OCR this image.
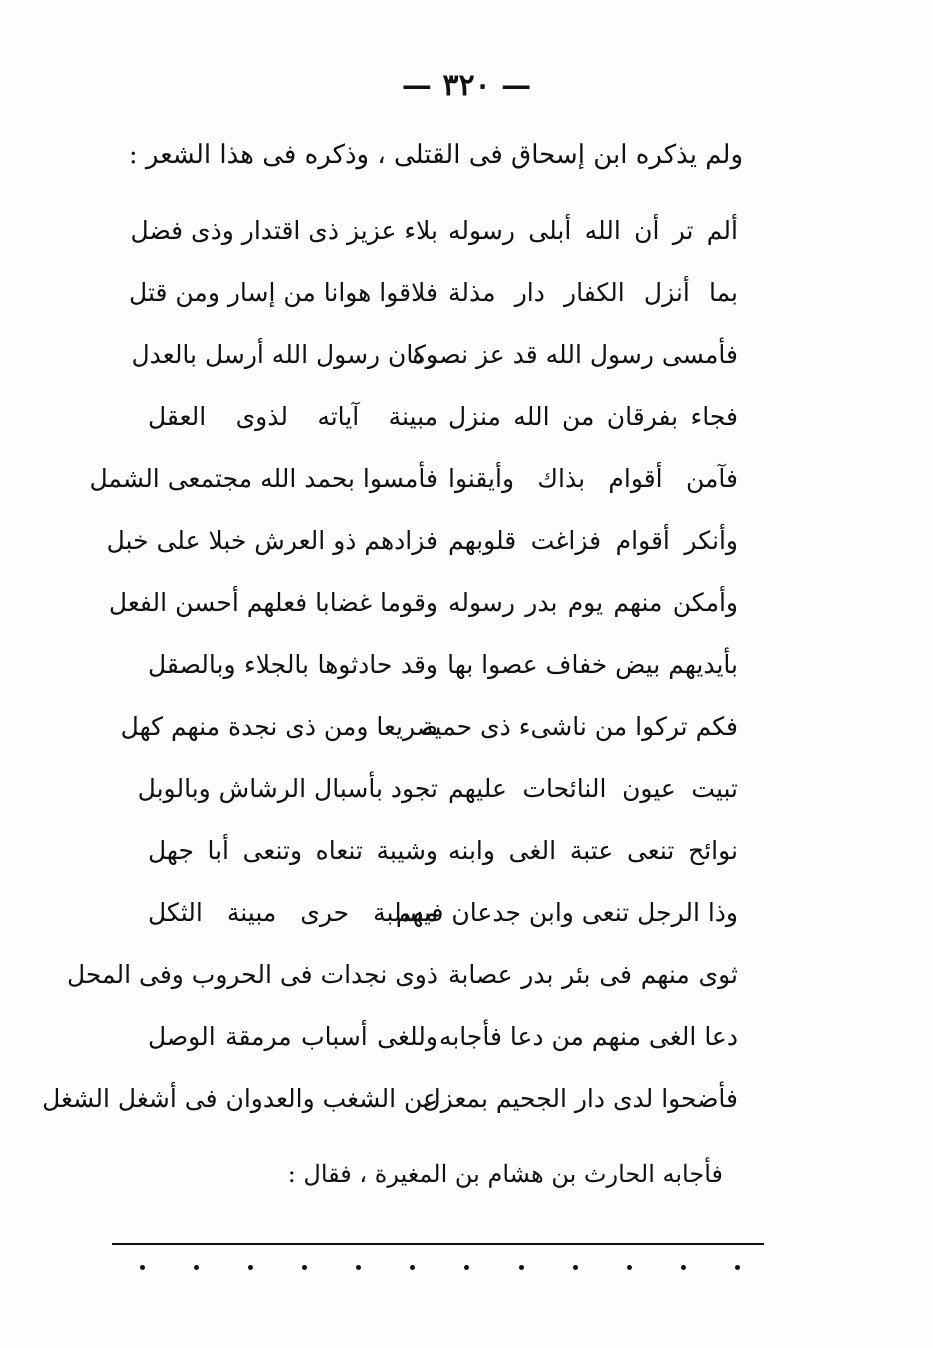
— ٣٢٠ —
ولم يذكره ابن إسحاق فى القتلى ، وذكره فى هذا الشعر :
ألم تر أن الله أبلى رسوله
بلاء عزيز ذى اقتدار وذى فضل
بما أنزل الكفار دار مذلة
فلاقوا هوانا من إسار ومن قتل
فأمسى رسول الله قد عز نصره
وكان رسول الله أرسل بالعدل
فجاء بفرقان من الله منزل
مبينة آياته لذوى العقل
فآمن أقوام بذاك وأيقنوا
فأمسوا بحمد الله مجتمعى الشمل
وأنكر أقوام فزاغت قلوبهم
فزادهم ذو العرش خبلا على خبل
وأمكن منهم يوم بدر رسوله
وقوما غضابا فعلهم أحسن الفعل
بأيديهم بيض خفاف عصوا بها
وقد حادثوها بالجلاء وبالصقل
فكم تركوا من ناشىء ذى حمية
صريعا ومن ذى نجدة منهم كهل
تبيت عيون النائحات عليهم
تجود بأسبال الرشاش وبالوبل
نوائح تنعى عتبة الغى وابنه
وشيبة تنعاه وتنعى أبا جهل
وذا الرجل تنعى وابن جدعان فيهم
مسلبة حرى مبينة الثكل
ثوى منهم فى بئر بدر عصابة
ذوى نجدات فى الحروب وفى المحل
دعا الغى منهم من دعا فأجابه
وللغى أسباب مرمقة الوصل
فأضحوا لدى دار الجحيم بمعزل
عن الشغب والعدوان فى أشغل الشغل
فأجابه الحارث بن هشام بن المغيرة ، فقال :
